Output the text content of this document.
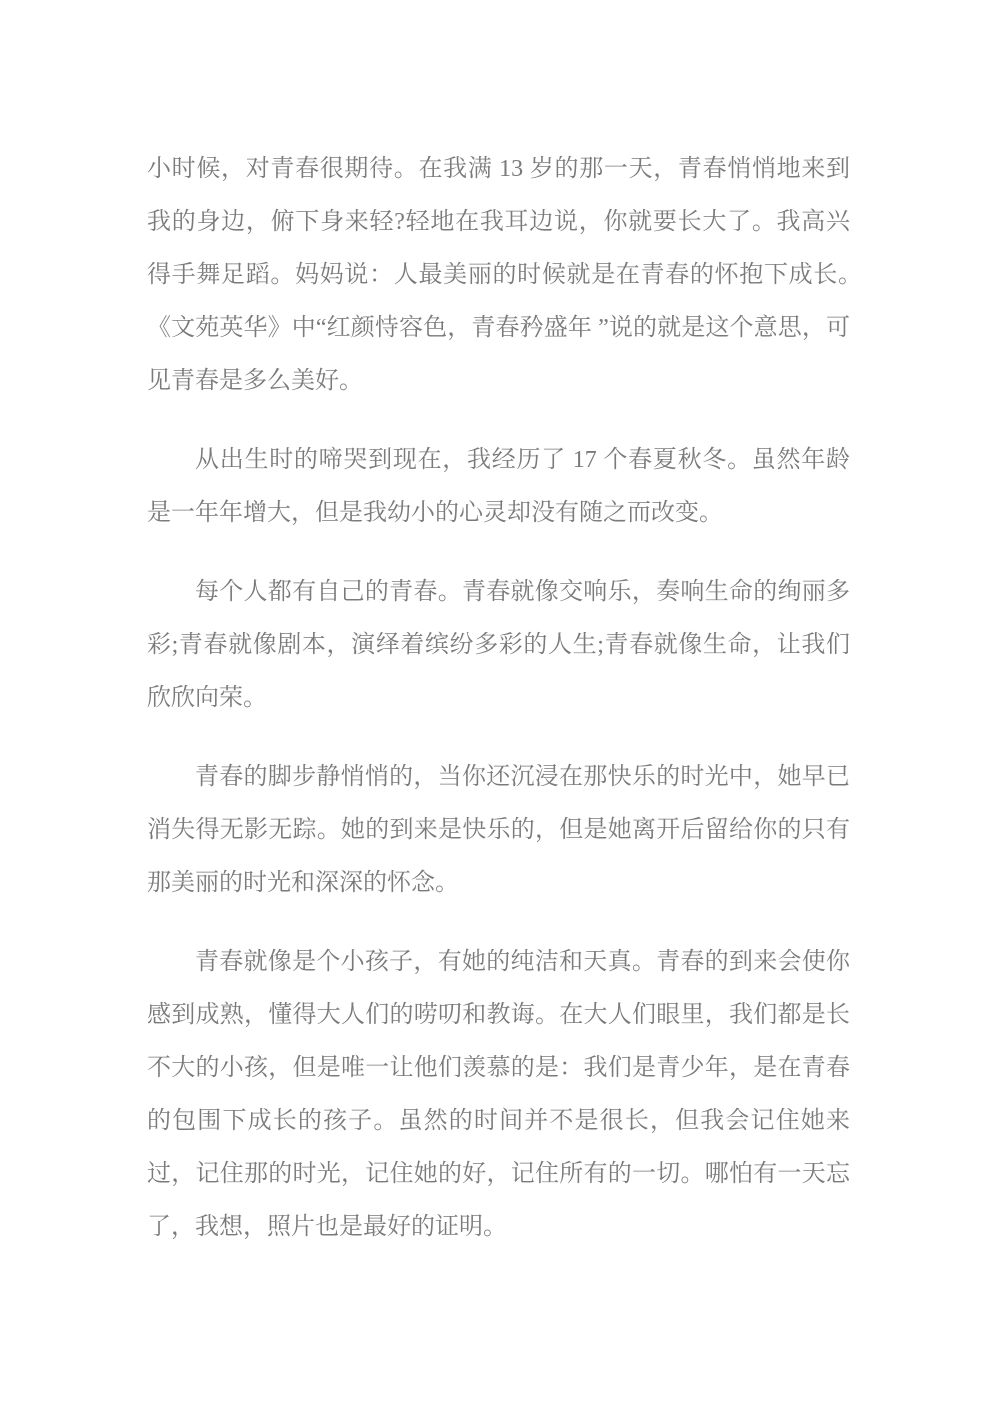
小时候，对青春很期待。在我满 13 岁的那一天，青春悄悄地来到我的身边，俯下身来轻?轻地在我耳边说，你就要长大了。我高兴得手舞足蹈。妈妈说：人最美丽的时候就是在青春的怀抱下成长。　《文苑英华》中“红颜恃容色，青春矜盛年 ”说的就是这个意思，可见青春是多么美好。

从出生时的啼哭到现在，我经历了 17 个春夏秋冬。虽然年龄是一年年增大，但是我幼小的心灵却没有随之而改变。

每个人都有自己的青春。青春就像交响乐，奏响生命的绚丽多彩;青春就像剧本，演绎着缤纷多彩的人生;青春就像生命，让我们欣欣向荣。

青春的脚步静悄悄的，当你还沉浸在那快乐的时光中，她早已消失得无影无踪。她的到来是快乐的，但是她离开后留给你的只有那美丽的时光和深深的怀念。

青春就像是个小孩子，有她的纯洁和天真。青春的到来会使你感到成熟，懂得大人们的唠叨和教诲。在大人们眼里，我们都是长不大的小孩，但是唯一让他们羡慕的是：我们是青少年，是在青春的包围下成长的孩子。虽然的时间并不是很长，但我会记住她来过，记住那的时光，记住她的好，记住所有的一切。哪怕有一天忘了，我想，照片也是最好的证明。
